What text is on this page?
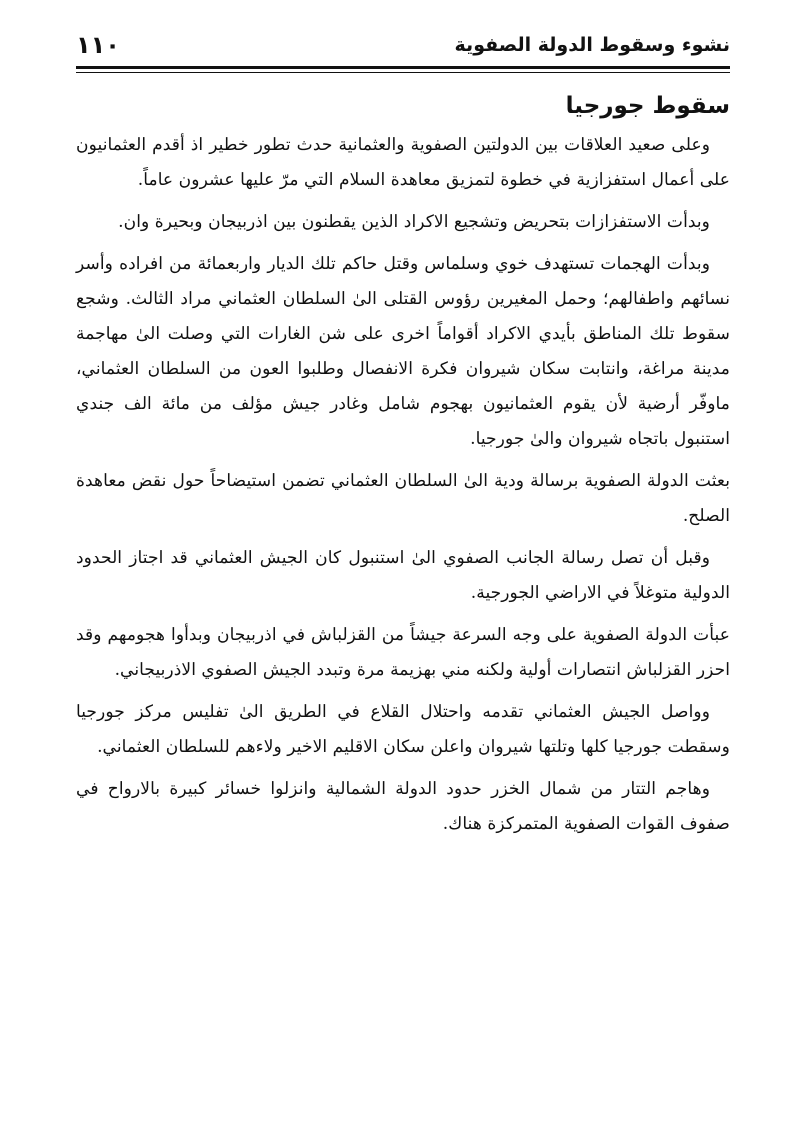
نشوء وسقوط الدولة الصفوية
١١٠
سقوط جورجيا

وعلى صعيد العلاقات بين الدولتين الصفوية والعثمانية حدث تطور خطير اذ أقدم العثمانيون على أعمال استفزازية في خطوة لتمزيق معاهدة السلام التي مرّ عليها عشرون عاماً.

وبدأت الاستفزازات بتحريض وتشجيع الاكراد الذين يقطنون بين اذربيجان وبحيرة وان.

وبدأت الهجمات تستهدف خوي وسلماس وقتل حاكم تلك الديار واربعمائة من افراده وأسر نسائهم واطفالهم؛ وحمل المغيرين رؤوس القتلى الىٰ السلطان العثماني مراد الثالث. وشجع سقوط تلك المناطق بأيدي الاكراد أقواماً اخرى على شن الغارات التي وصلت الىٰ مهاجمة مدينة مراغة، وانتابت سكان شيروان فكرة الانفصال وطلبوا العون من السلطان العثماني، ماوفّر أرضية لأن يقوم العثمانيون بهجوم شامل وغادر جيش مؤلف من مائة الف جندي استنبول باتجاه شيروان والىٰ جورجيا.

بعثت الدولة الصفوية برسالة ودية الىٰ السلطان العثماني تضمن استيضاحاً حول نقض معاهدة الصلح.

وقبل أن تصل رسالة الجانب الصفوي الىٰ استنبول كان الجيش العثماني قد اجتاز الحدود الدولية متوغلاً في الاراضي الجورجية.

عبأت الدولة الصفوية على وجه السرعة جيشاً من القزلباش في اذربيجان وبدأوا هجومهم وقد احزر القزلباش انتصارات أولية ولكنه مني بهزيمة مرة وتبدد الجيش الصفوي الاذربيجاني.

وواصل الجيش العثماني تقدمه واحتلال القلاع في الطريق الىٰ تفليس مركز جورجيا وسقطت جورجيا كلها وتلتها شيروان واعلن سكان الاقليم الاخير ولاءهم للسلطان العثماني.

وهاجم التتار من شمال الخزر حدود الدولة الشمالية وانزلوا خسائر كبيرة بالارواح في صفوف القوات الصفوية المتمركزة هناك.
